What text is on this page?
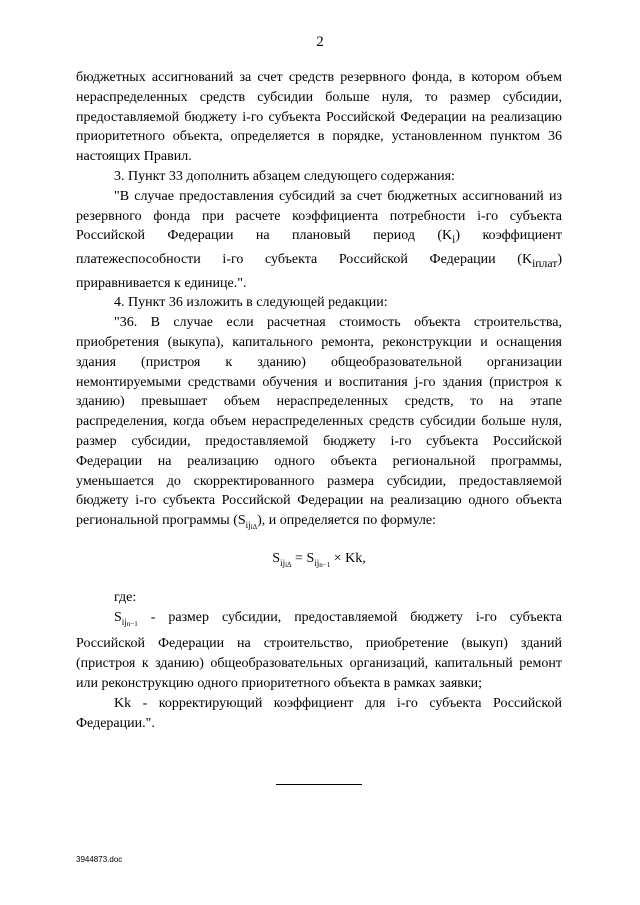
2

бюджетных ассигнований за счет средств резервного фонда, в котором объем нераспределенных средств субсидии больше нуля, то размер субсидии, предоставляемой бюджету i-го субъекта Российской Федерации на реализацию приоритетного объекта, определяется в порядке, установленном пунктом 36 настоящих Правил.

3. Пункт 33 дополнить абзацем следующего содержания:

"В случае предоставления субсидий за счет бюджетных ассигнований из резервного фонда при расчете коэффициента потребности i-го субъекта Российской Федерации на плановый период $(K_i)$ коэффициент платежеспособности i-го субъекта Российской Федерации $(K_{iплат})$ приравнивается к единице.".

4. Пункт 36 изложить в следующей редакции:

"36. В случае если расчетная стоимость объекта строительства, приобретения (выкупа), капитального ремонта, реконструкции и оснащения здания (пристроя к зданию) общеобразовательной организации немонтируемыми средствами обучения и воспитания j-го здания (пристроя к зданию) превышает объем нераспределенных средств, то на этапе распределения, когда объем нераспределенных средств субсидии больше нуля, размер субсидии, предоставляемой бюджету i-го субъекта Российской Федерации на реализацию одного объекта региональной программы, уменьшается до скорректированного размера субсидии, предоставляемой бюджету i-го субъекта Российской Федерации на реализацию одного объекта региональной программы $(S_{iji\Delta})$, и определяется по формуле:

$S_{iji\Delta} = S_{ijn-1} \times Kk$,

где:

$S_{ijn-1}$ - размер субсидии, предоставляемой бюджету i-го субъекта Российской Федерации на строительство, приобретение (выкуп) зданий (пристроя к зданию) общеобразовательных организаций, капитальный ремонт или реконструкцию одного приоритетного объекта в рамках заявки;

Kk - корректирующий коэффициент для i-го субъекта Российской Федерации.".

3944873.doc
